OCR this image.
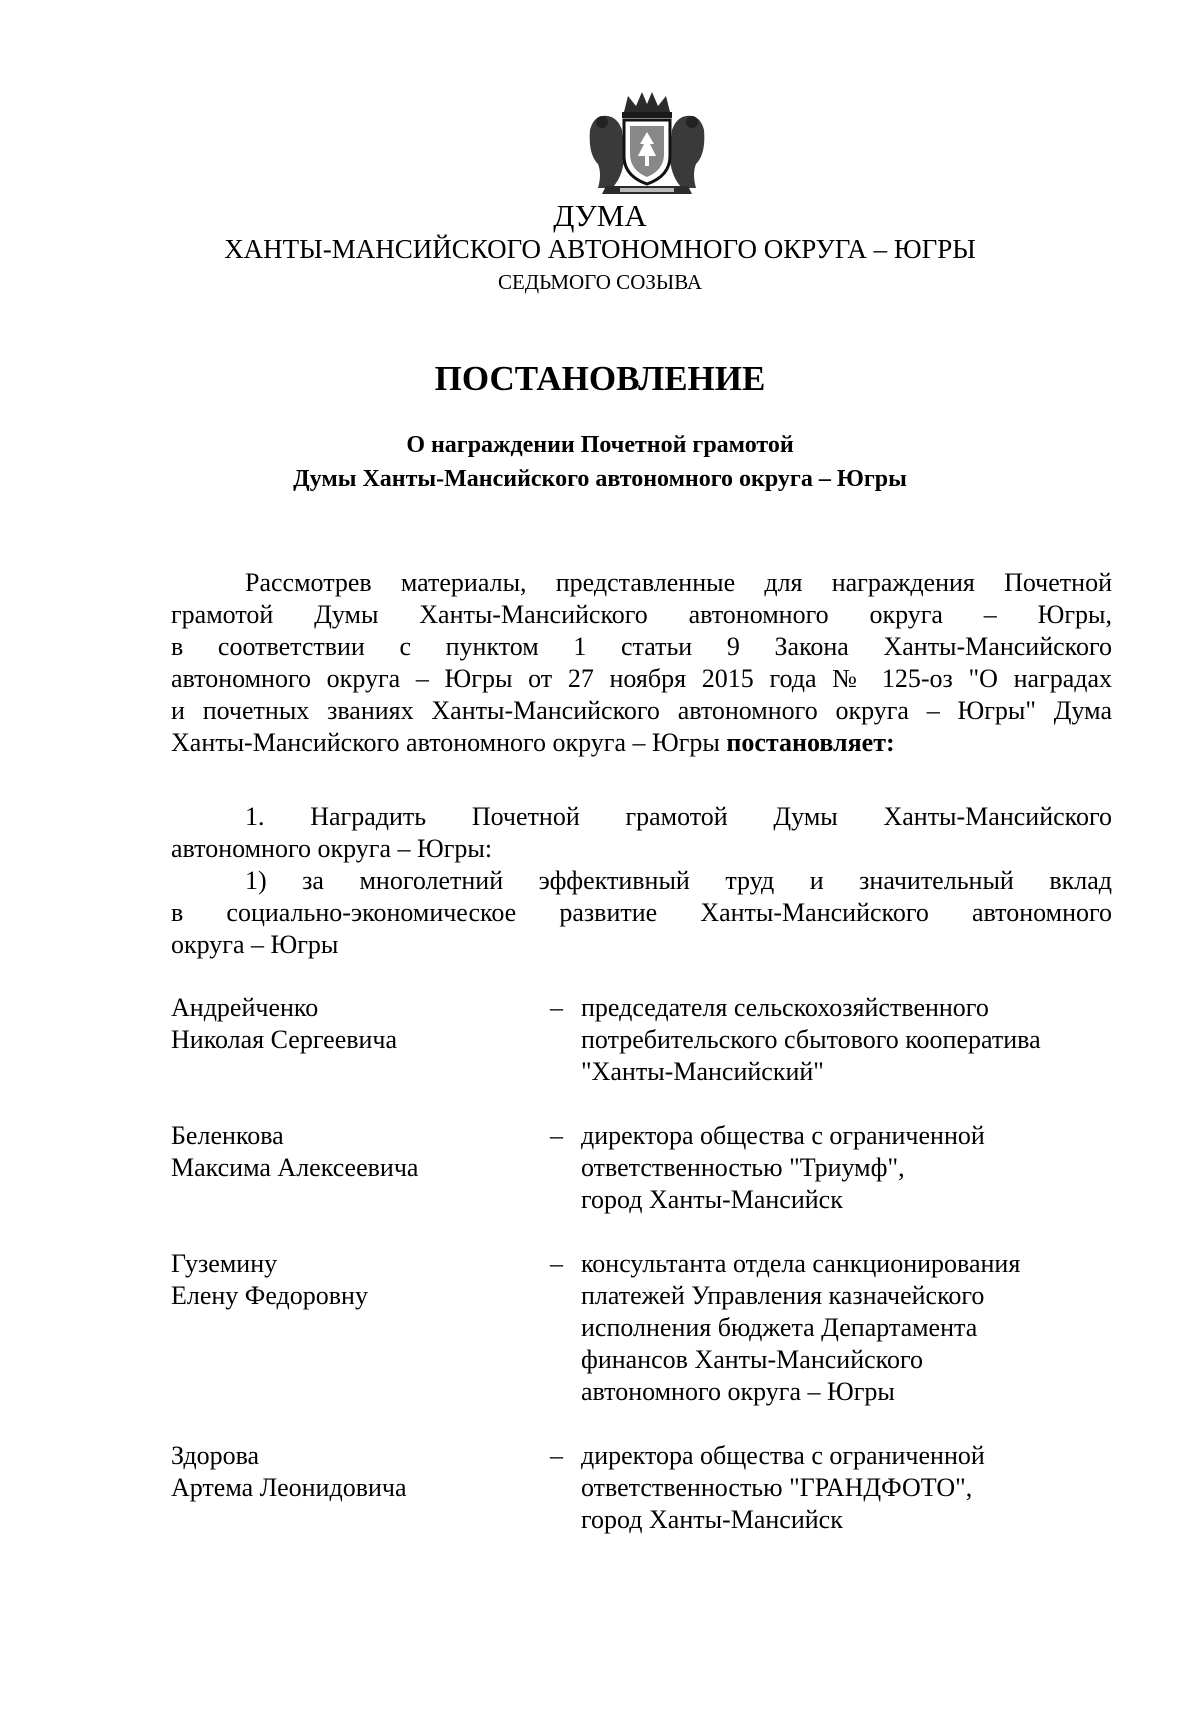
ДУМА
ХАНТЫ-МАНСИЙСКОГО АВТОНОМНОГО ОКРУГА – ЮГРЫ
СЕДЬМОГО СОЗЫВА
ПОСТАНОВЛЕНИЕ
О награждении Почетной грамотой
Думы Ханты-Мансийского автономного округа – Югры
Рассмотрев материалы, представленные для награждения Почетной
грамотой Думы Ханты-Мансийского автономного округа – Югры,
в соответствии с пунктом 1 статьи 9 Закона Ханты-Мансийского
автономного округа – Югры от 27 ноября 2015 года № 125-оз "О наградах
и почетных званиях Ханты-Мансийского автономного округа – Югры" Дума
Ханты-Мансийского автономного округа – Югры постановляет:
1. Наградить Почетной грамотой Думы Ханты-Мансийского
автономного округа – Югры:
1) за многолетний эффективный труд и значительный вклад
в социально-экономическое развитие Ханты-Мансийского автономного
округа – Югры
Андрейченко
Николая Сергеевича
– председателя сельскохозяйственного
потребительского сбытового кооператива
"Ханты-Мансийский"
Беленкова
Максима Алексеевича
– директора общества с ограниченной
ответственностью "Триумф",
город Ханты-Мансийск
Гуземину
Елену Федоровну
– консультанта отдела санкционирования
платежей Управления казначейского
исполнения бюджета Департамента
финансов Ханты-Мансийского
автономного округа – Югры
Здорова
Артема Леонидовича
– директора общества с ограниченной
ответственностью "ГРАНДФОТО",
город Ханты-Мансийск
